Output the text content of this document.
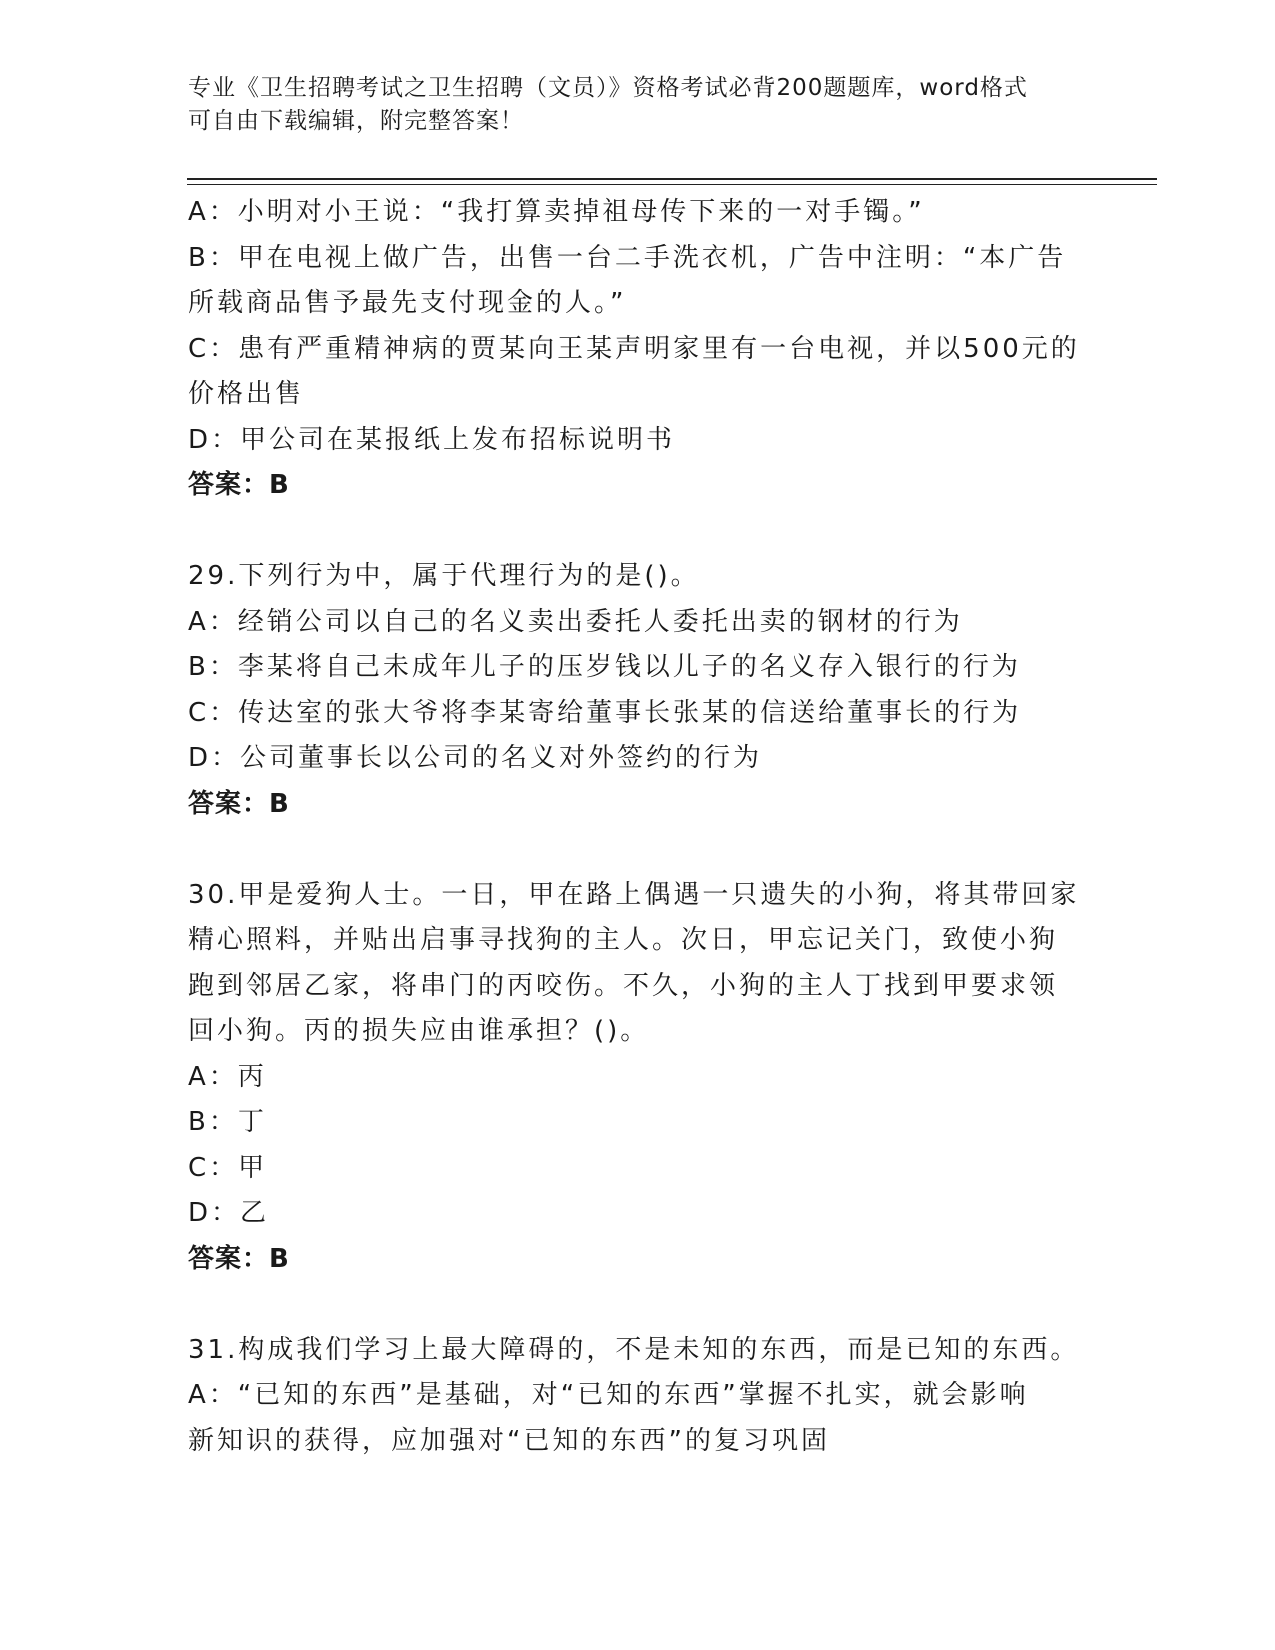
专业《卫生招聘考试之卫生招聘（文员）》资格考试必背200题题库，word格式
可自由下载编辑，附完整答案！

A：小明对小王说：“我打算卖掉祖母传下来的一对手镯。”

B：甲在电视上做广告，出售一台二手洗衣机，广告中注明：“本广告

所载商品售予最先支付现金的人。”

C：患有严重精神病的贾某向王某声明家里有一台电视，并以500元的

价格出售

D：甲公司在某报纸上发布招标说明书

答案：B

29.下列行为中，属于代理行为的是()。

A：经销公司以自己的名义卖出委托人委托出卖的钢材的行为

B：李某将自己未成年儿子的压岁钱以儿子的名义存入银行的行为

C：传达室的张大爷将李某寄给董事长张某的信送给董事长的行为

D：公司董事长以公司的名义对外签约的行为

答案：B

30.甲是爱狗人士。一日，甲在路上偶遇一只遗失的小狗，将其带回家

精心照料，并贴出启事寻找狗的主人。次日，甲忘记关门，致使小狗

跑到邻居乙家，将串门的丙咬伤。不久，小狗的主人丁找到甲要求领

回小狗。丙的损失应由谁承担？()。

A：丙

B：丁

C：甲

D：乙

答案：B

31.构成我们学习上最大障碍的，不是未知的东西，而是已知的东西。

A：“已知的东西”是基础，对“已知的东西”掌握不扎实，就会影响

新知识的获得，应加强对“已知的东西”的复习巩固
